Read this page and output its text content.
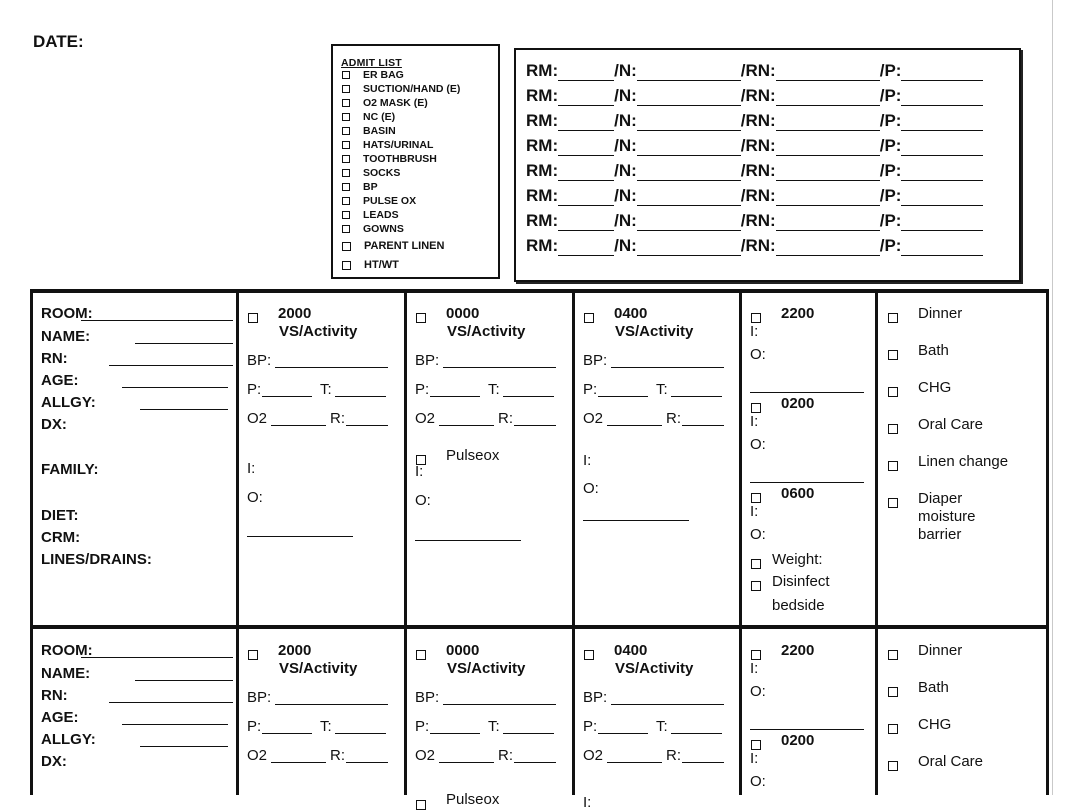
DATE:
ADMIT LIST
ER BAG
SUCTION/HAND (E)
O2 MASK (E)
NC (E)
BASIN
HATS/URINAL
TOOTHBRUSH
SOCKS
BP
PULSE OX
LEADS
GOWNS
PARENT LINEN
HT/WT
RM:	/N:	/RN:	/P:
RM:	/N:	/RN:	/P:
RM:	/N:	/RN:	/P:
RM:	/N:	/RN:	/P:
RM:	/N:	/RN:	/P:
RM:	/N:	/RN:	/P:
RM:	/N:	/RN:	/P:
RM:	/N:	/RN:	/P:
ROOM:
NAME:
RN:
AGE:
ALLGY:
DX:
FAMILY:
DIET:
CRM:
LINES/DRAINS:
2000
VS/Activity
BP:
P:	T:
O2	R:
I:
O:
0000
VS/Activity
BP:
P:	T:
O2	R:
Pulseox
I:
O:
0400
VS/Activity
BP:
P:	T:
O2	R:
I:
O:
2200
I:
O:
0200
I:
O:
0600
I:
O:
Weight:
Disinfect
bedside
Dinner
Bath
CHG
Oral Care
Linen change
Diaper
moisture
barrier
ROOM:
NAME:
RN:
AGE:
ALLGY:
DX:
2000
VS/Activity
BP:
P:	T:
O2	R:
0000
VS/Activity
BP:
P:	T:
O2	R:
0400
VS/Activity
BP:
P:	T:
O2	R:
Pulseox	I:
2200
I:
O:
0200
I:
O:
Dinner
Bath
CHG
Oral Care
